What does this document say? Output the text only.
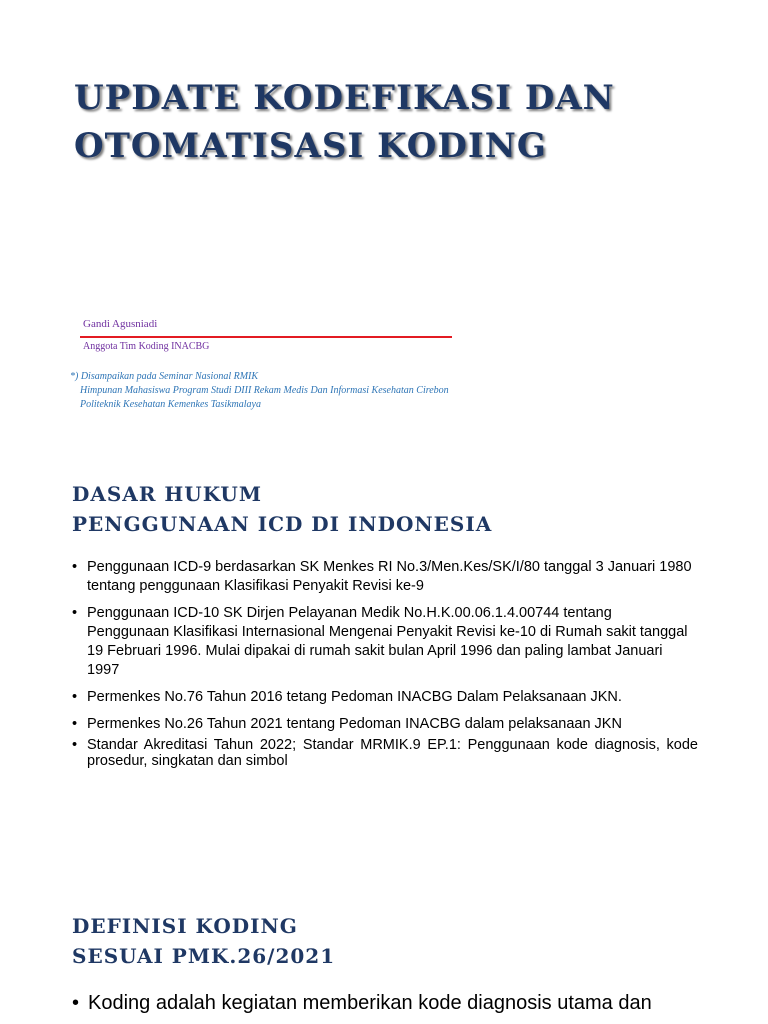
UPDATE KODEFIKASI DAN
OTOMATISASI KODING
Gandi Agusniadi
Anggota Tim Koding INACBG
*) Disampaikan pada Seminar Nasional RMIK
Himpunan Mahasiswa Program Studi DIII Rekam Medis Dan Informasi Kesehatan Cirebon
Politeknik Kesehatan Kemenkes Tasikmalaya
DASAR HUKUM
PENGGUNAAN ICD DI INDONESIA
• Penggunaan ICD-9 berdasarkan SK Menkes RI No.3/Men.Kes/SK/I/80 tanggal 3 Januari 1980 tentang penggunaan Klasifikasi Penyakit Revisi ke-9
• Penggunaan ICD-10 SK Dirjen Pelayanan Medik No.H.K.00.06.1.4.00744 tentang Penggunaan Klasifikasi Internasional Mengenai Penyakit Revisi ke-10 di Rumah sakit tanggal 19 Februari 1996. Mulai dipakai di rumah sakit bulan April 1996 dan paling lambat Januari 1997
• Permenkes No.76 Tahun 2016 tetang Pedoman INACBG Dalam Pelaksanaan JKN.
• Permenkes No.26 Tahun 2021 tentang Pedoman INACBG dalam pelaksanaan JKN
• Standar Akreditasi Tahun 2022; Standar MRMIK.9 EP.1: Penggunaan kode diagnosis, kode prosedur, singkatan dan simbol
DEFINISI KODING
SESUAI PMK.26/2021
• Koding adalah kegiatan memberikan kode diagnosis utama dan
